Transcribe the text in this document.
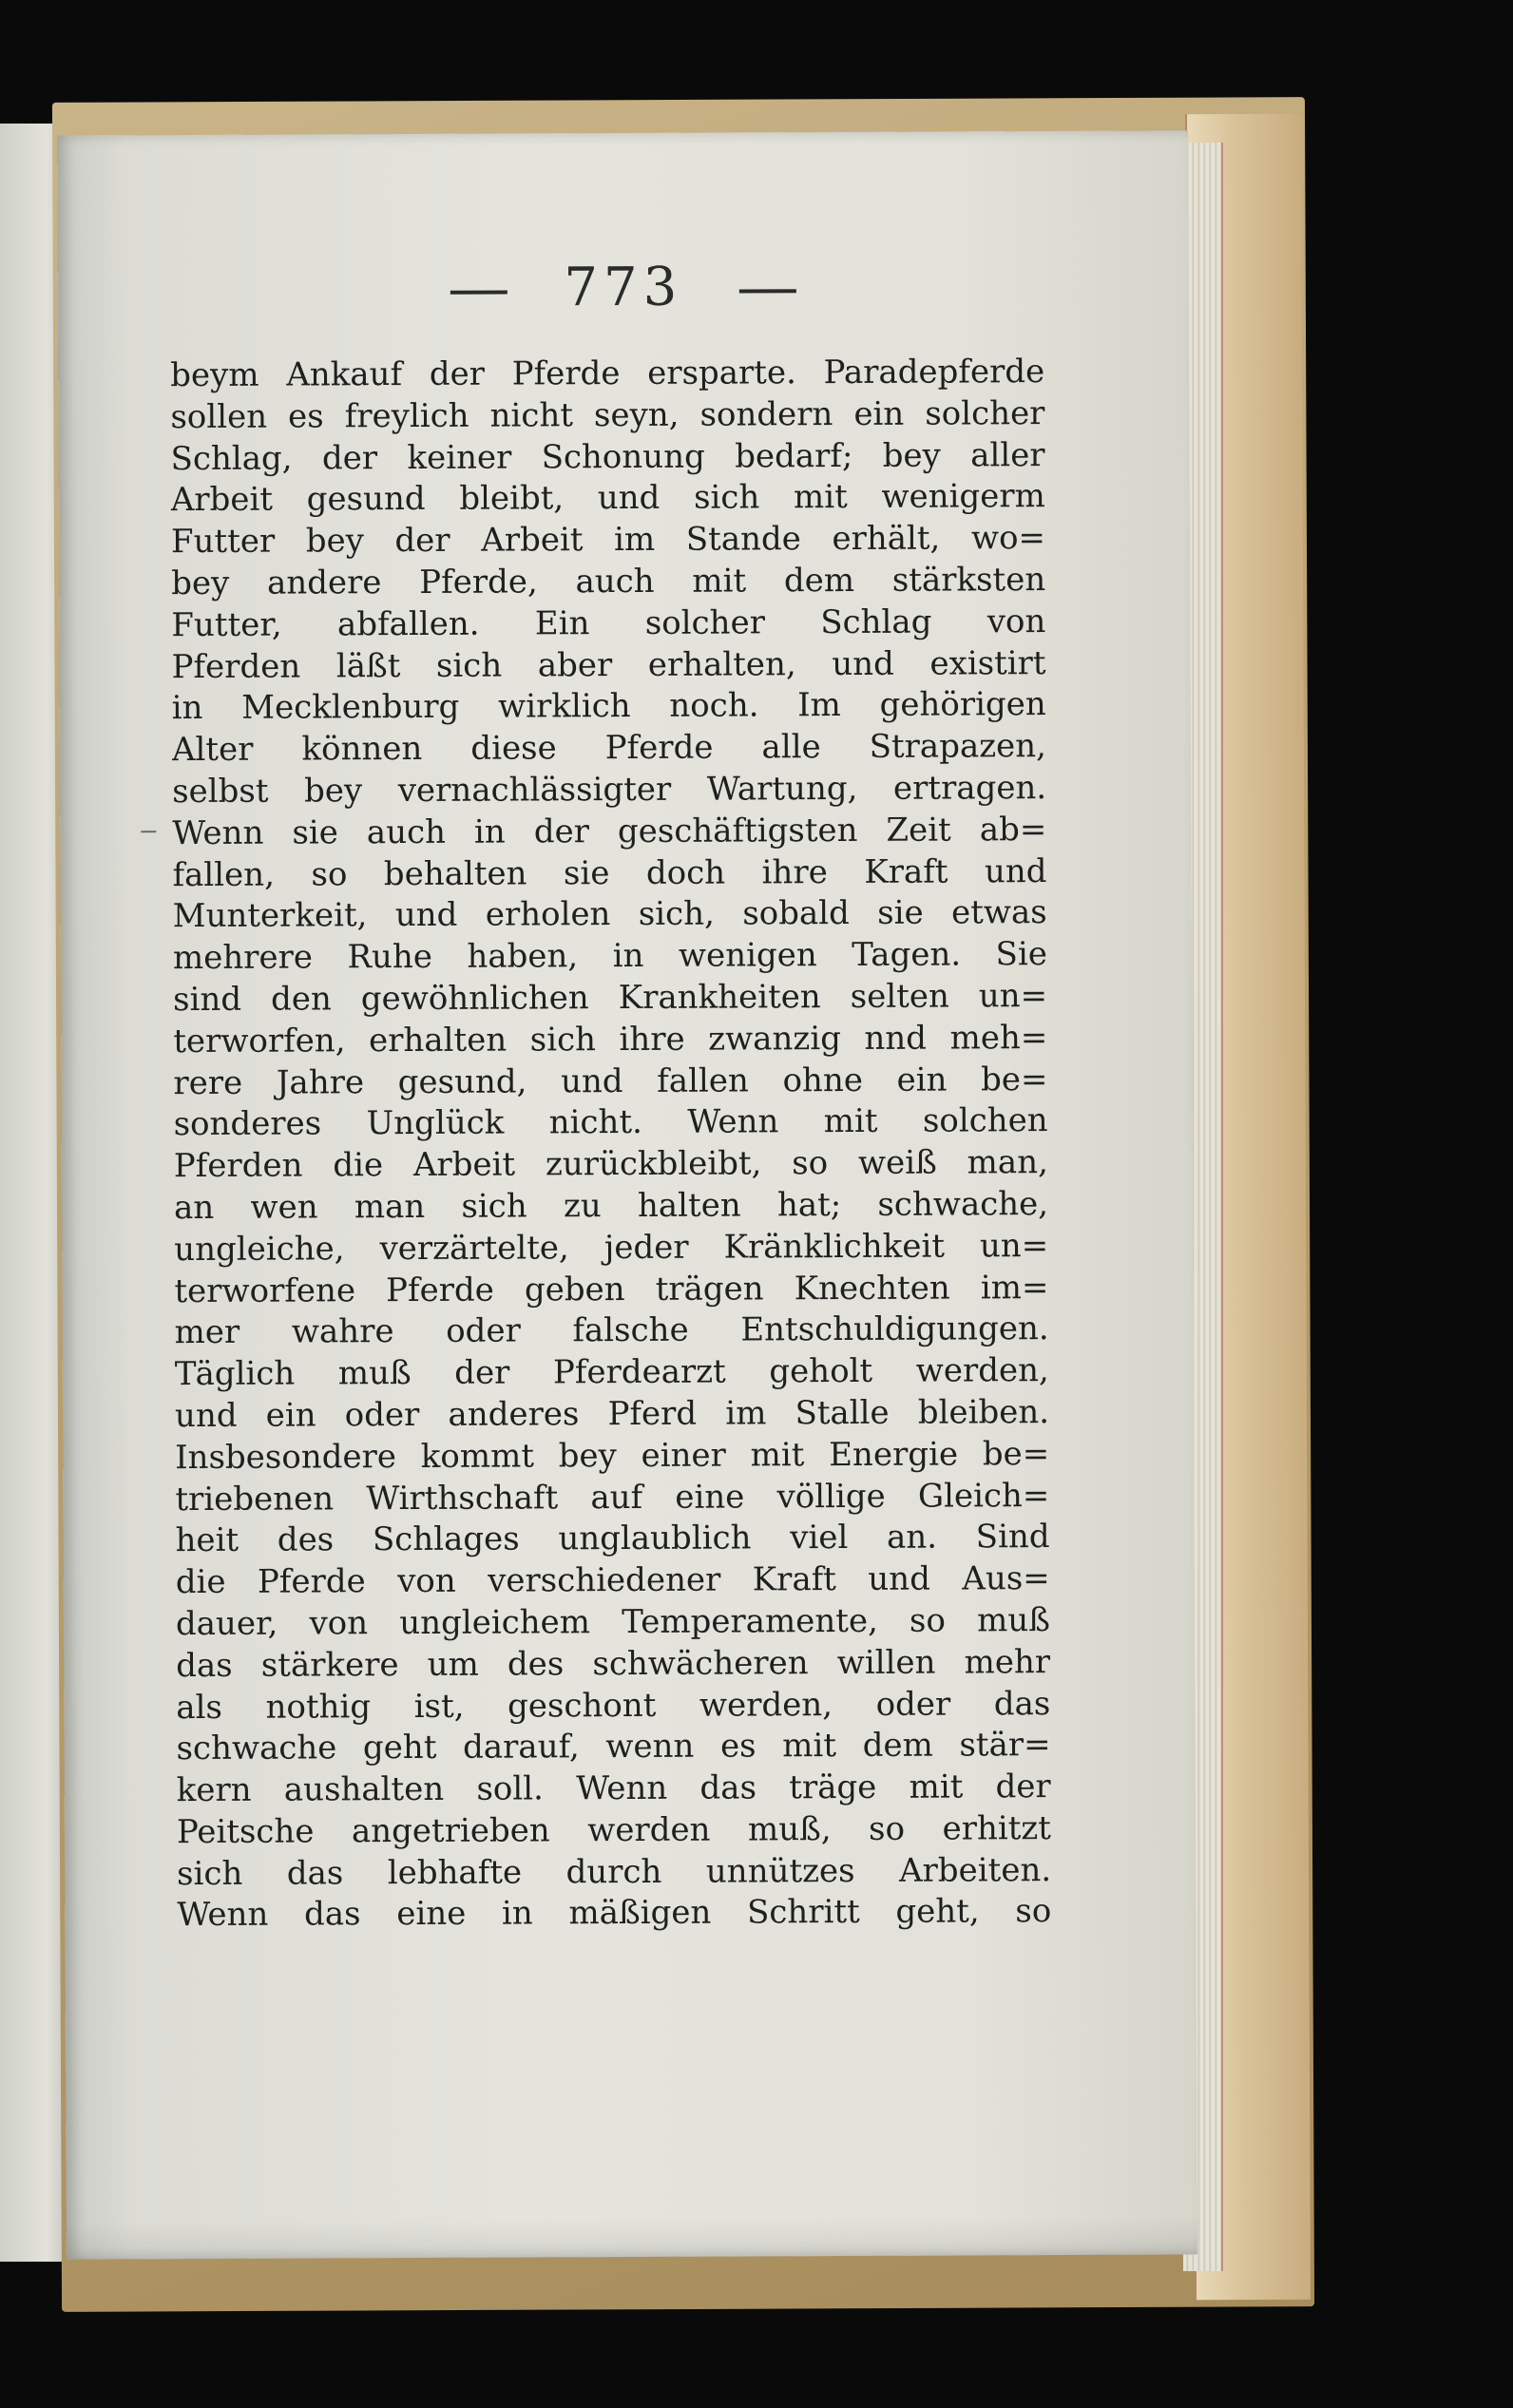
773
beym Ankauf der Pferde erspartе. Paradepferde
sollen es freylich nicht seyn, sondern ein solcher
Schlag, der keiner Schonung bedarf; bey aller
Arbeit gesund bleibt, und sich mit wenigerm
Futter bey der Arbeit im Stande erhält, wo=
bey andere Pferde, auch mit dem stärksten
Futter, abfallen. Ein solcher Schlag von
Pferden läßt sich aber erhalten, und existirt
in Mecklenburg wirklich noch. Im gehörigen
Alter können diese Pferde alle Strapazen,
selbst bey vernachlässigter Wartung, ertragen.
Wenn sie auch in der geschäftigsten Zeit ab=
fallen, so behalten sie doch ihre Kraft und
Munterkeit, und erholen sich, sobald sie etwas
mehrere Ruhe haben, in wenigen Tagen. Sie
sind den gewöhnlichen Krankheiten selten un=
terworfen, erhalten sich ihre zwanzig nnd meh=
rere Jahre gesund, und fallen ohne ein be=
sonderes Unglück nicht. Wenn mit solchen
Pferden die Arbeit zurückbleibt, so weiß man,
an wen man sich zu halten hat; schwache,
ungleiche, verzärtelte, jeder Kränklichkeit un=
terworfene Pferde geben trägen Knechten im=
mer wahre oder falsche Entschuldigungen.
Täglich muß der Pferdearzt geholt werden,
und ein oder anderes Pferd im Stalle bleiben.
Insbesondere kommt bey einer mit Energie be=
triebenen Wirthschaft auf eine völlige Gleich=
heit des Schlages unglaublich viel an. Sind
die Pferde von verschiedener Kraft und Aus=
dauer, von ungleichem Temperamente, so muß
das stärkere um des schwächeren willen mehr
als nothig ist, geschont werden, oder das
schwache geht darauf, wenn es mit dem stär=
kern aushalten soll. Wenn das träge mit der
Peitsche angetrieben werden muß, so erhitzt
sich das lebhafte durch unnützes Arbeiten.
Wenn das eine in mäßigen Schritt geht, so
